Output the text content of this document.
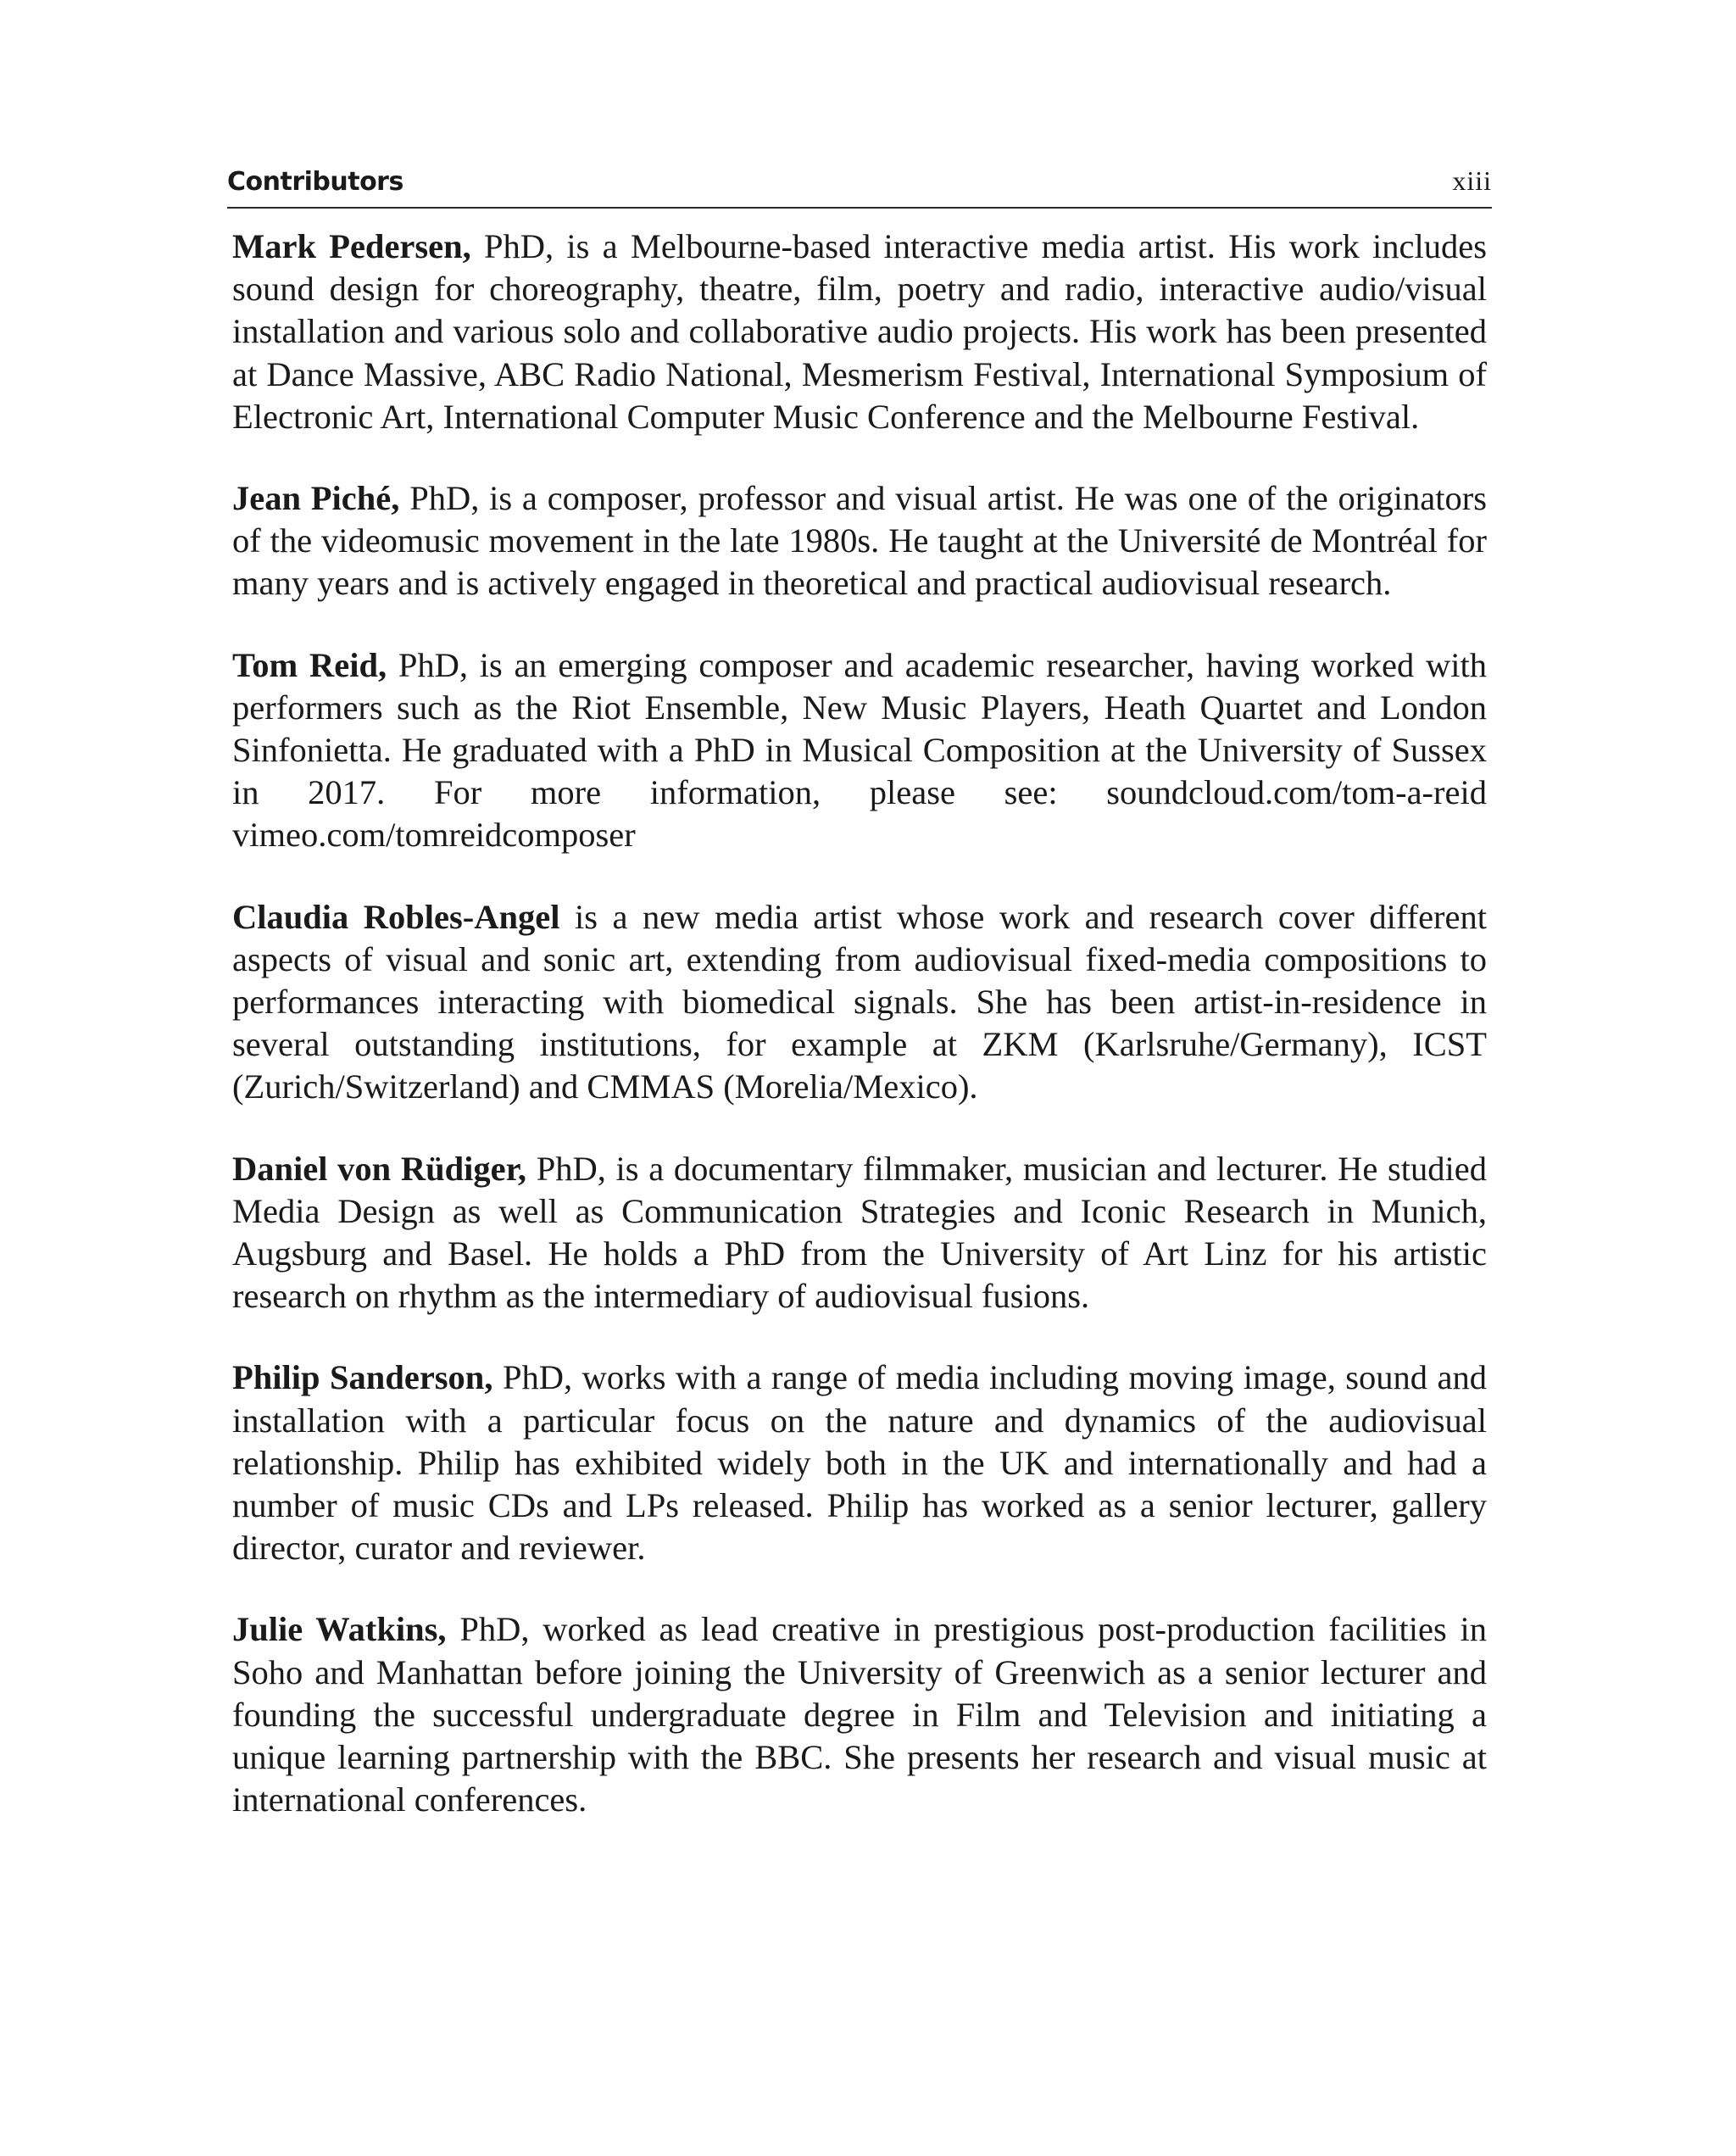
Contributors	xiii

Mark Pedersen, PhD, is a Melbourne-based interactive media artist. His work includes sound design for choreography, theatre, film, poetry and radio, interactive audio/visual installation and various solo and collaborative audio projects. His work has been presented at Dance Massive, ABC Radio National, Mesmerism Festival, International Symposium of Electronic Art, International Computer Music Conference and the Melbourne Festival.

Jean Piché, PhD, is a composer, professor and visual artist. He was one of the originators of the videomusic movement in the late 1980s. He taught at the Université de Montréal for many years and is actively engaged in theoretical and practical audiovisual research.

Tom Reid, PhD, is an emerging composer and academic researcher, having worked with performers such as the Riot Ensemble, New Music Players, Heath Quartet and London Sinfonietta. He graduated with a PhD in Musical Composition at the University of Sussex in 2017. For more information, please see: soundcloud.com/​tom-a-reid vimeo.com/tomreidcomposer

Claudia Robles-Angel is a new media artist whose work and research cover different aspects of visual and sonic art, extending from audiovisual fixed-media compositions to performances interacting with biomedical signals. She has been artist-in-residence in several outstanding institutions, for example at ZKM (Karlsruhe/​Germany), ICST (Zurich/Switzerland) and CMMAS (Morelia/Mexico).

Daniel von Rüdiger, PhD, is a documentary filmmaker, musician and lecturer. He studied Media Design as well as Communication Strategies and Iconic Research in Munich, Augsburg and Basel. He holds a PhD from the University of Art Linz for his artistic research on rhythm as the intermediary of audiovisual fusions.

Philip Sanderson, PhD, works with a range of media including moving image, sound and installation with a particular focus on the nature and dynamics of the audiovisual relationship. Philip has exhibited widely both in the UK and internationally and had a number of music CDs and LPs released. Philip has worked as a senior lecturer, gallery director, curator and reviewer.

Julie Watkins, PhD, worked as lead creative in prestigious post-production facilities in Soho and Manhattan before joining the University of Greenwich as a senior lecturer and founding the successful undergraduate degree in Film and Television and initiating a unique learning partnership with the BBC. She presents her research and visual music at international conferences.
